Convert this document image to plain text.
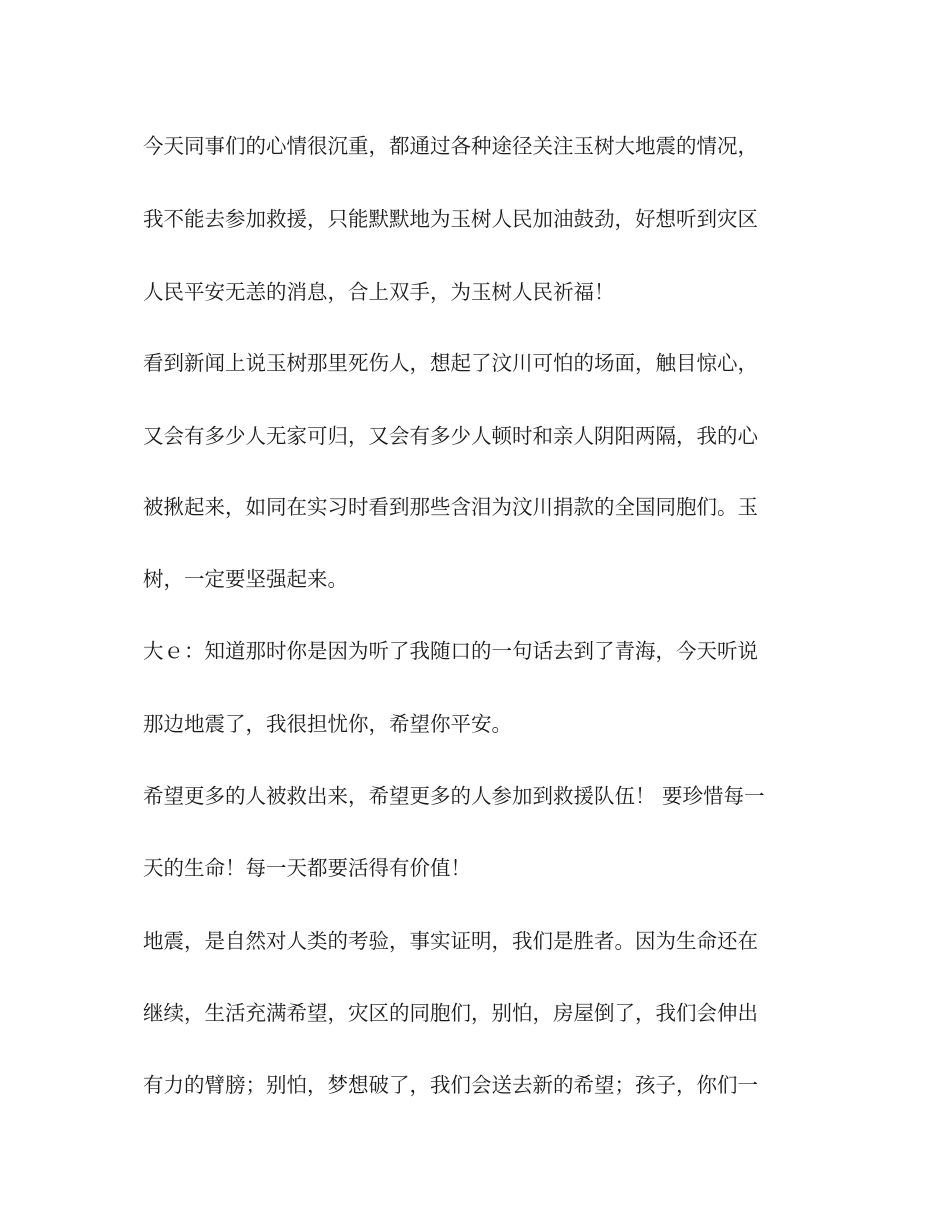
今天同事们的心情很沉重，都通过各种途径关注玉树大地震的情况，
我不能去参加救援，只能默默地为玉树人民加油鼓劲，好想听到灾区
人民平安无恙的消息，合上双手，为玉树人民祈福！
看到新闻上说玉树那里死伤人，想起了汶川可怕的场面，触目惊心，
又会有多少人无家可归，又会有多少人顿时和亲人阴阳两隔，我的心
被揪起来，如同在实习时看到那些含泪为汶川捐款的全国同胞们。玉
树，一定要坚强起来。
大ｅ：知道那时你是因为听了我随口的一句话去到了青海，今天听说
那边地震了，我很担忧你，希望你平安。
希望更多的人被救出来，希望更多的人参加到救援队伍！ 要珍惜每一
天的生命！每一天都要活得有价值！
地震，是自然对人类的考验，事实证明，我们是胜者。因为生命还在
继续，生活充满希望，灾区的同胞们，别怕，房屋倒了，我们会伸出
有力的臂膀；别怕，梦想破了，我们会送去新的希望；孩子，你们一
